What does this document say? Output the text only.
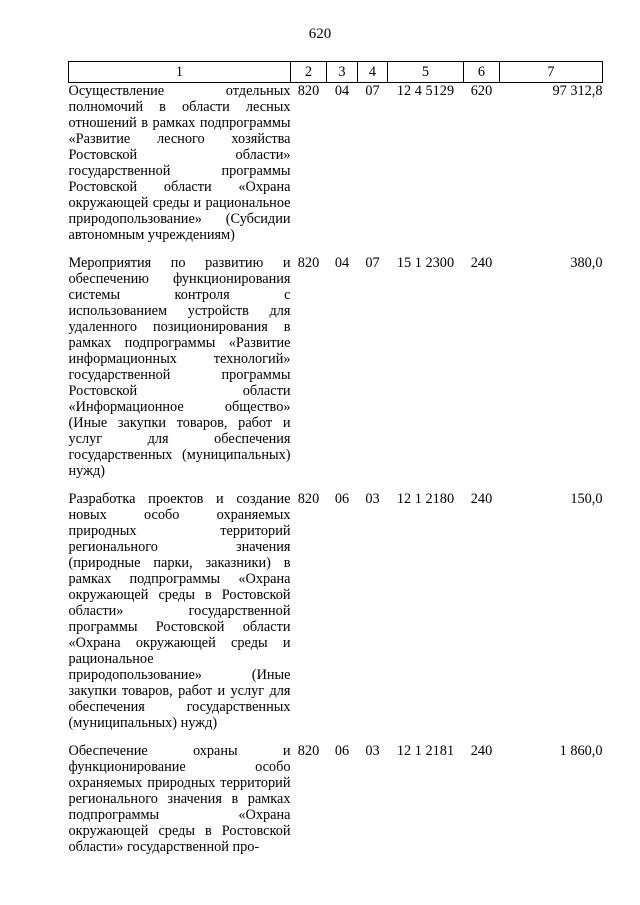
620
1	2	3	4	5	6	7
Осуществление отдельных полномочий в области лесных отношений в рамках подпрограммы «Развитие лесного хозяйства Ростовской области» государственной программы Ростовской области «Охрана окружающей среды и рациональное природопользование» (Субсидии автономным учреждениям)	820	04	07	12 4 5129	620	97 312,8
Мероприятия по развитию и обеспечению функционирования системы контроля с использованием устройств для удаленного позиционирования в рамках подпрограммы «Развитие информационных технологий» государственной программы Ростовской области «Информационное общество» (Иные закупки товаров, работ и услуг для обеспечения государственных (муниципальных) нужд)	820	04	07	15 1 2300	240	380,0
Разработка проектов и создание новых особо охраняемых природных территорий регионального значения (природные парки, заказники) в рамках подпрограммы «Охрана окружающей среды в Ростовской области» государственной программы Ростовской области «Охрана окружающей среды и рациональное природопользование» (Иные закупки товаров, работ и услуг для обеспечения государственных (муниципальных) нужд)	820	06	03	12 1 2180	240	150,0
Обеспечение охраны и функционирование особо охраняемых природных территорий регионального значения в рамках подпрограммы «Охрана окружающей среды в Ростовской области» государственной про-	820	06	03	12 1 2181	240	1 860,0
